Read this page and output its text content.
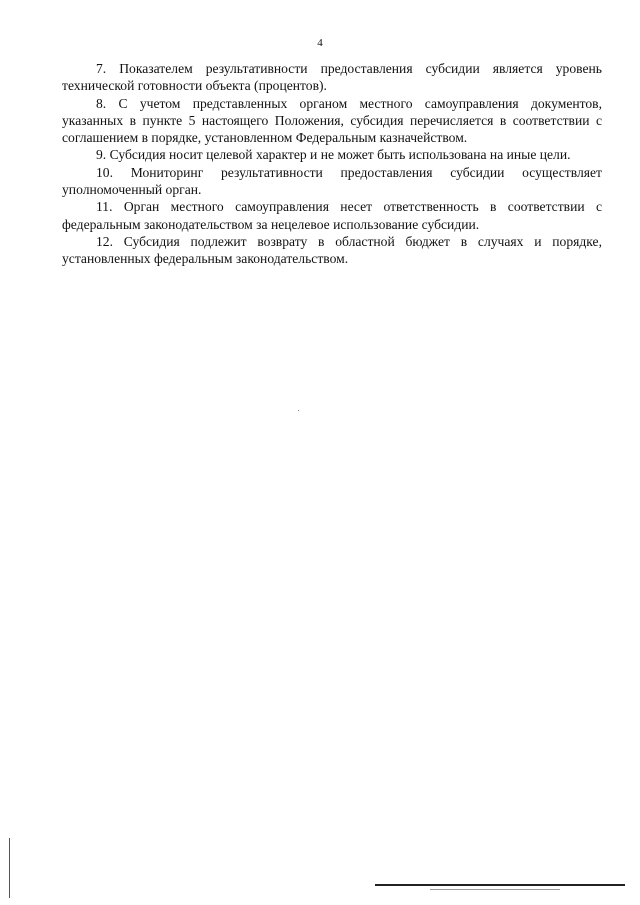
4

7. Показателем результативности предоставления субсидии является уровень технической готовности объекта (процентов).

8. С учетом представленных органом местного самоуправления документов, указанных в пункте 5 настоящего Положения, субсидия перечисляется в соответствии с соглашением в порядке, установленном Федеральным казначейством.

9. Субсидия носит целевой характер и не может быть использована на иные цели.

10. Мониторинг результативности предоставления субсидии осуществляет уполномоченный орган.

11. Орган местного самоуправления несет ответственность в соответствии с федеральным законодательством за нецелевое использование субсидии.

12. Субсидия подлежит возврату в областной бюджет в случаях и порядке, установленных федеральным законодательством.
